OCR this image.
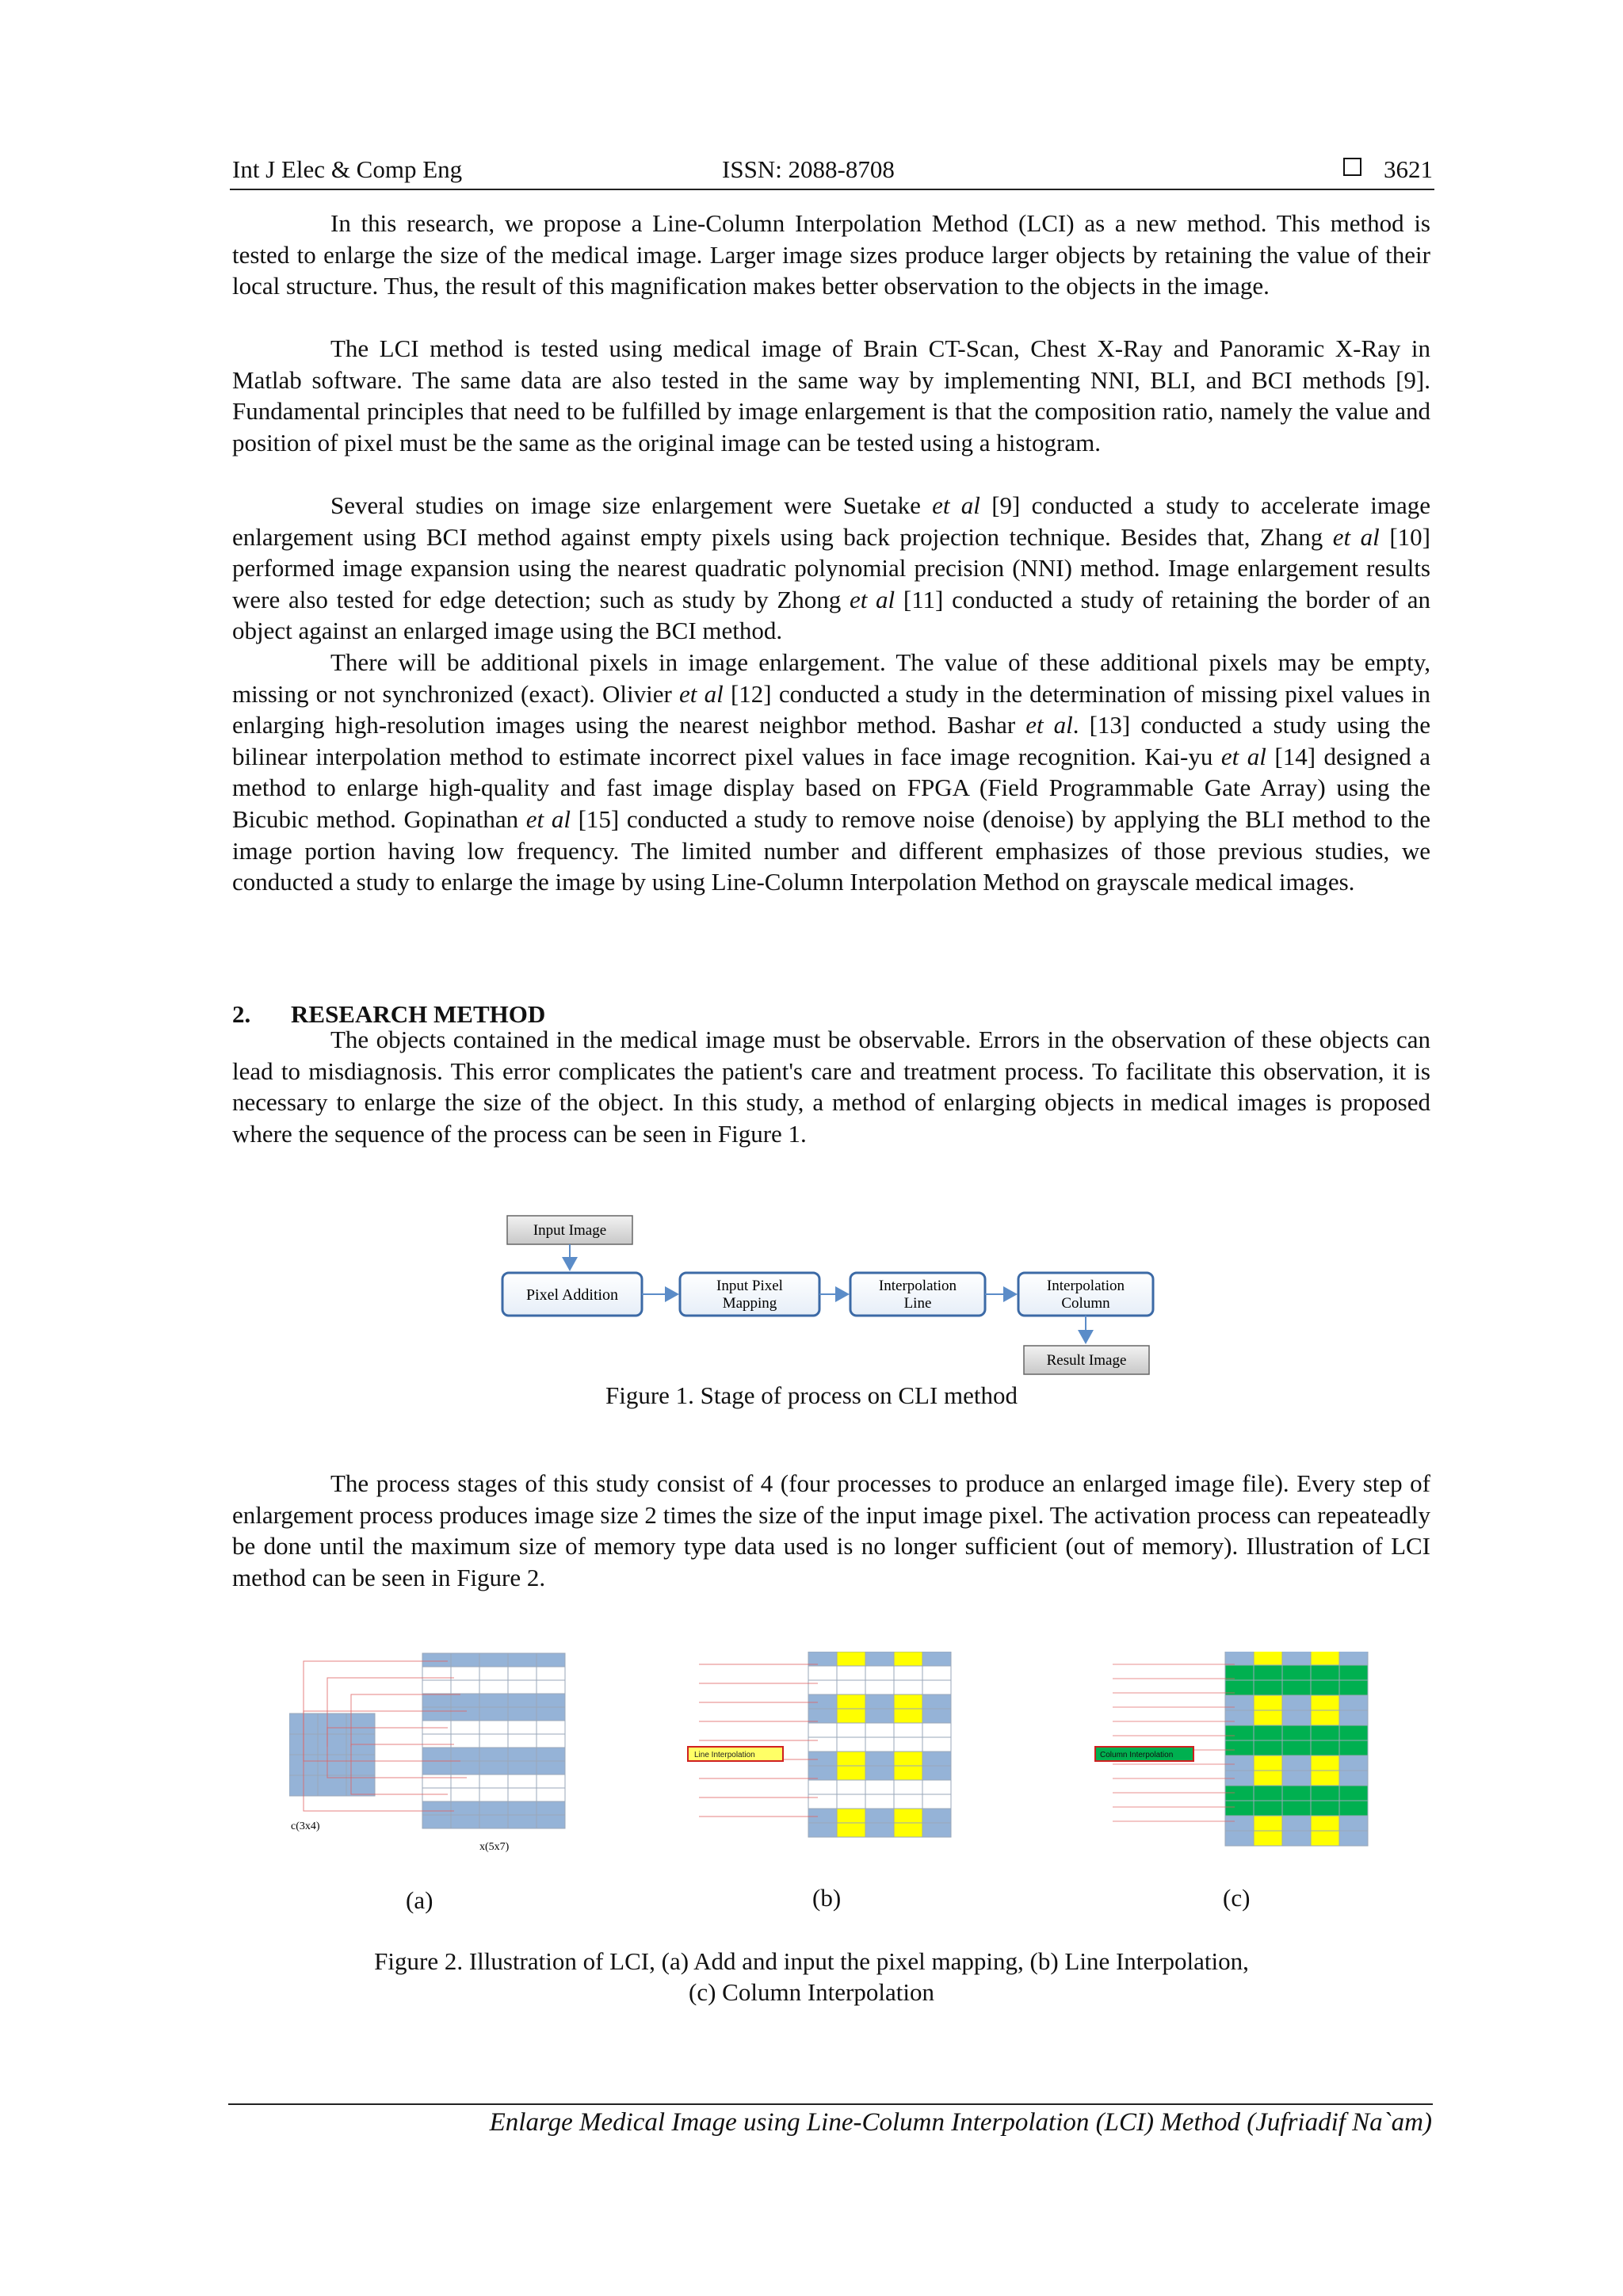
Int J Elec & Comp Eng	ISSN: 2088-8708	3621

In this research, we propose a Line-Column Interpolation Method (LCI) as a new method. This method is tested to enlarge the size of the medical image. Larger image sizes produce larger objects by retaining the value of their local structure. Thus, the result of this magnification makes better observation to the objects in the image.

The LCI method is tested using medical image of Brain CT-Scan, Chest X-Ray and Panoramic X-Ray in Matlab software. The same data are also tested in the same way by implementing NNI, BLI, and BCI methods [9]. Fundamental principles that need to be fulfilled by image enlargement is that the composition ratio, namely the value and position of pixel must be the same as the original image can be tested using a histogram.

Several studies on image size enlargement were Suetake et al [9] conducted a study to accelerate image enlargement using BCI method against empty pixels using back projection technique. Besides that, Zhang et al [10] performed image expansion using the nearest quadratic polynomial precision (NNI) method. Image enlargement results were also tested for edge detection; such as study by Zhong et al [11] conducted a study of retaining the border of an object against an enlarged image using the BCI method.

There will be additional pixels in image enlargement. The value of these additional pixels may be empty, missing or not synchronized (exact). Olivier et al [12] conducted a study in the determination of missing pixel values in enlarging high-resolution images using the nearest neighbor method. Bashar et al. [13] conducted a study using the bilinear interpolation method to estimate incorrect pixel values in face image recognition. Kai-yu et al [14] designed a method to enlarge high-quality and fast image display based on FPGA (Field Programmable Gate Array) using the Bicubic method. Gopinathan et al [15] conducted a study to remove noise (denoise) by applying the BLI method to the image portion having low frequency. The limited number and different emphasizes of those previous studies, we conducted a study to enlarge the image by using Line-Column Interpolation Method on grayscale medical images.

2. RESEARCH METHOD

The objects contained in the medical image must be observable. Errors in the observation of these objects can lead to misdiagnosis. This error complicates the patient's care and treatment process. To facilitate this observation, it is necessary to enlarge the size of the object. In this study, a method of enlarging objects in medical images is proposed where the sequence of the process can be seen in Figure 1.

Input Image
Pixel Addition
Input Pixel
Mapping
Interpolation
Line
Interpolation
Column
Result Image
Figure 1. Stage of process on CLI method

The process stages of this study consist of 4 (four processes to produce an enlarged image file). Every step of enlargement process produces image size 2 times the size of the input image pixel. The activation process can repeateadly be done until the maximum size of memory type data used is no longer sufficient (out of memory). Illustration of LCI method can be seen in Figure 2.

c(3x4)
x(5x7)
Line Interpolation	Column Interpolation
(a)	(b)	(c)
Figure 2. Illustration of LCI, (a) Add and input the pixel mapping, (b) Line Interpolation,
(c) Column Interpolation
Enlarge Medical Image using Line-Column Interpolation (LCI) Method (Jufriadif Na`am)
